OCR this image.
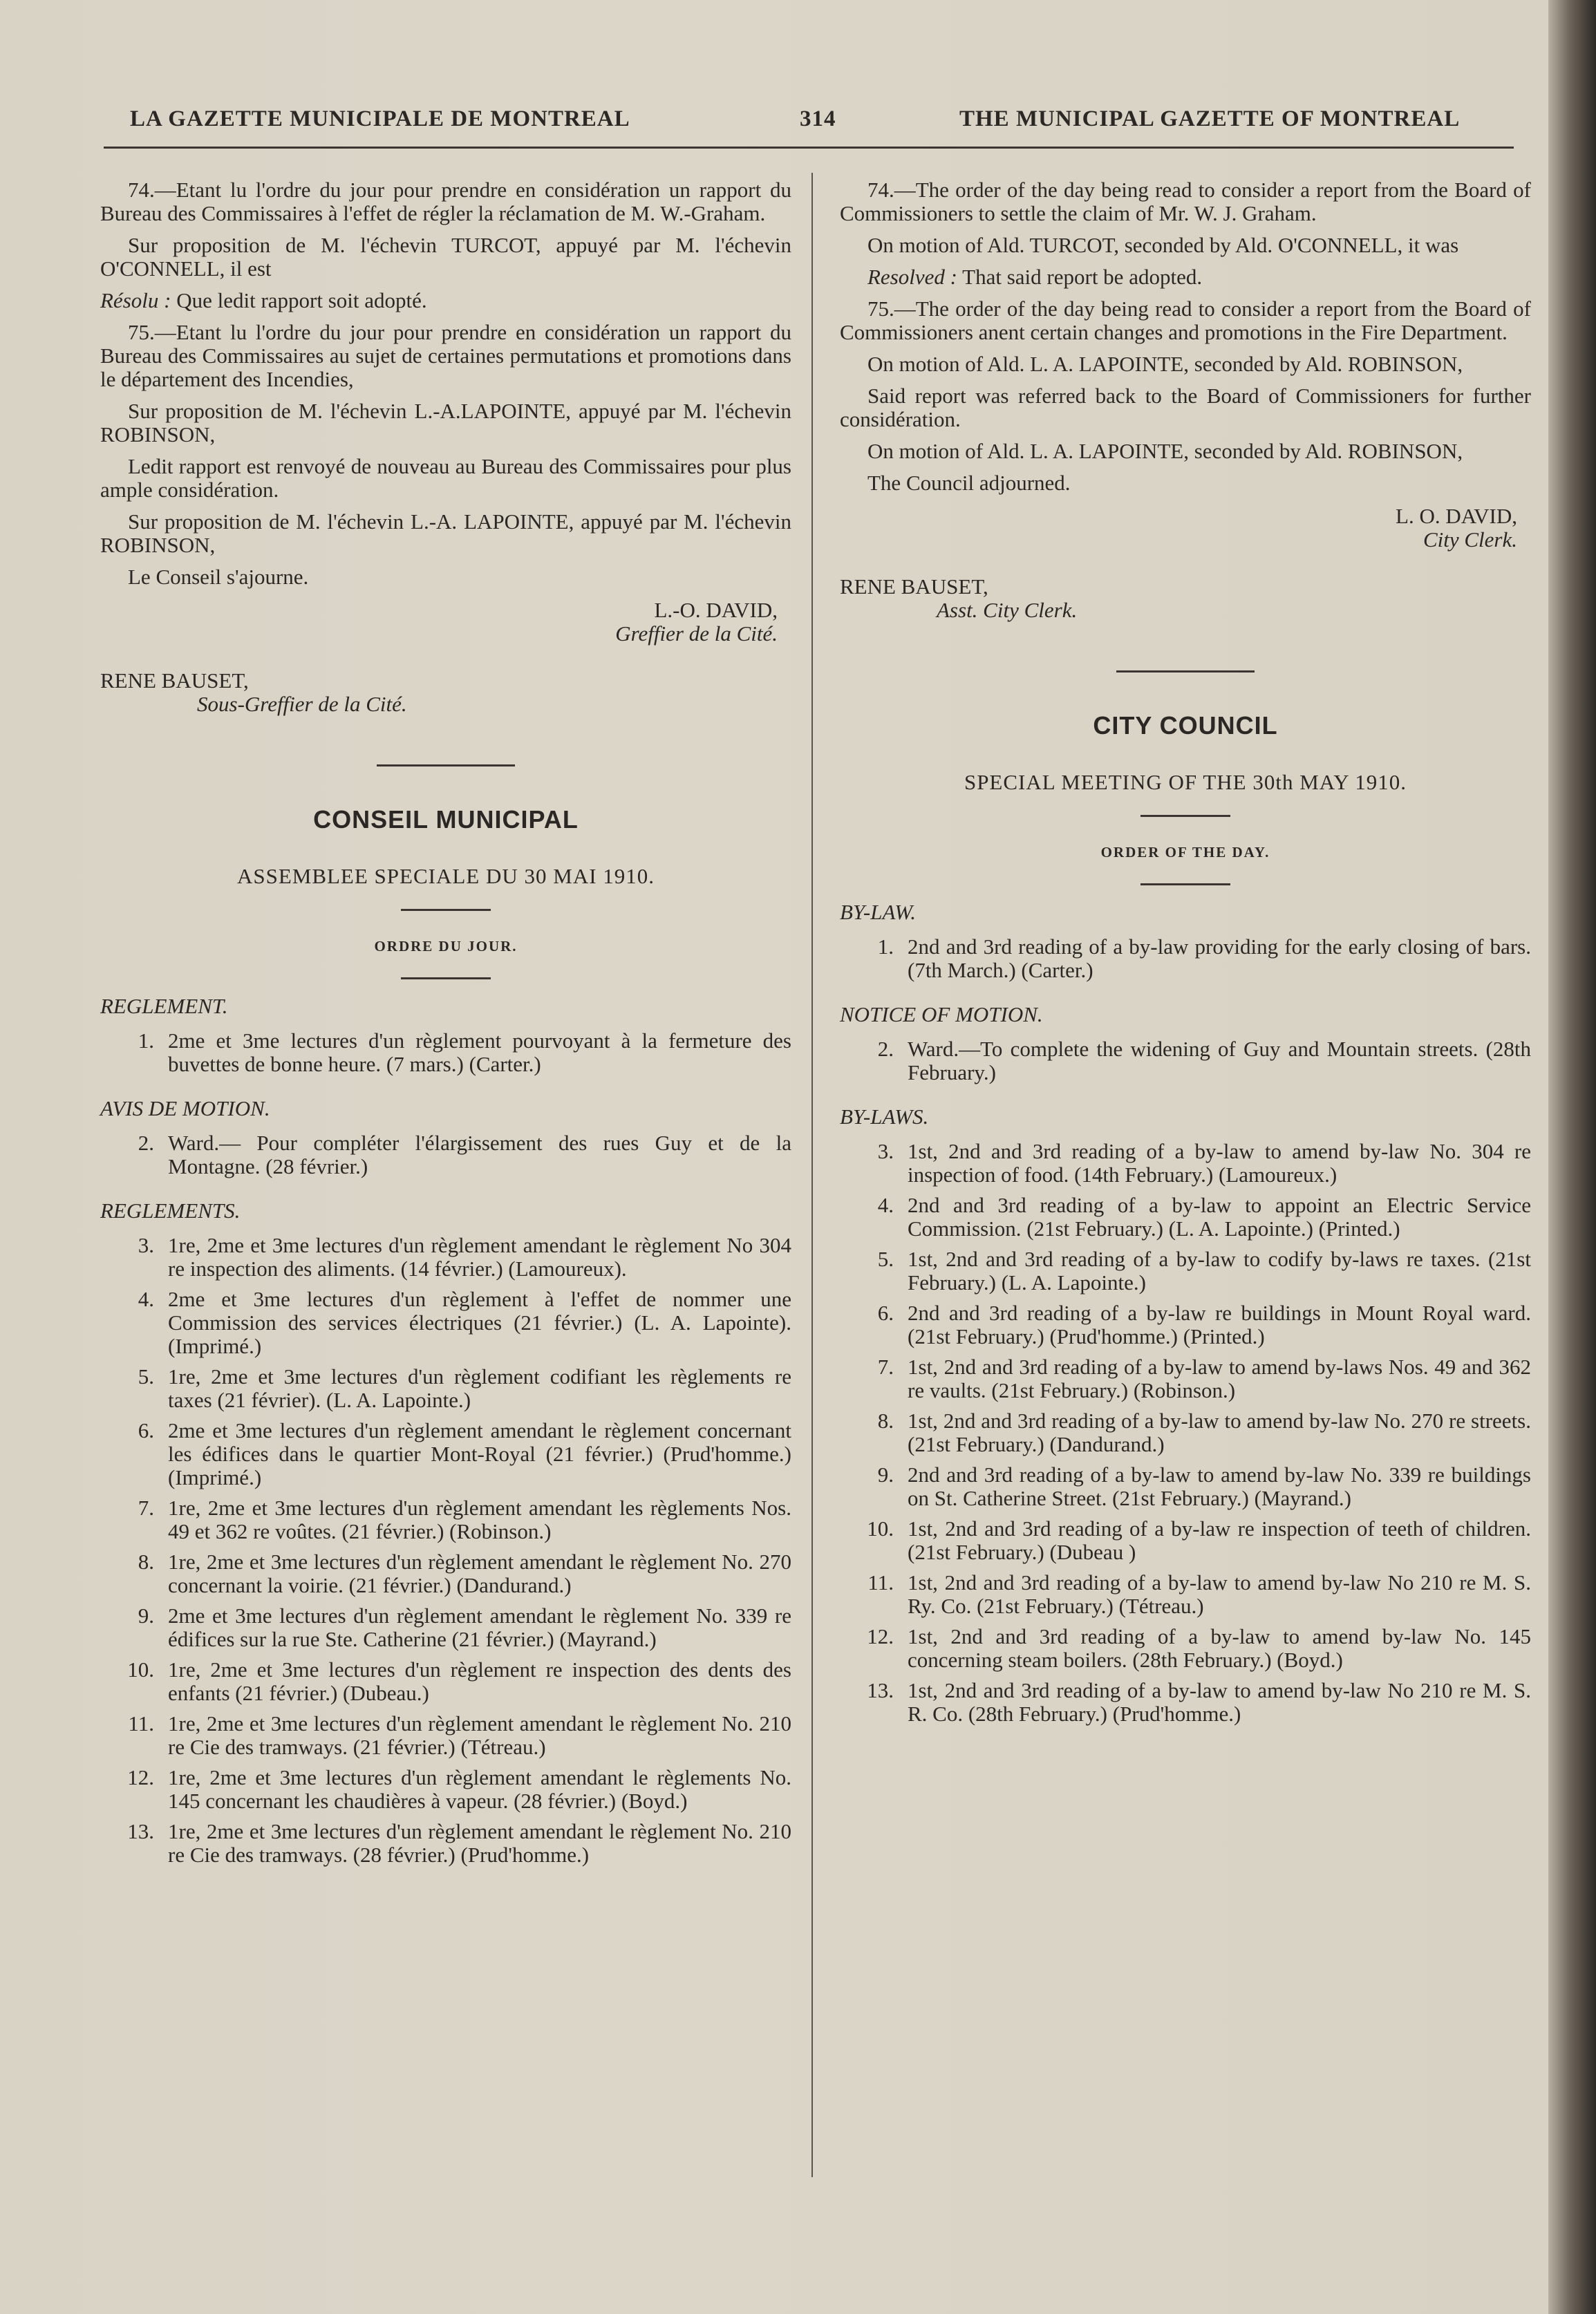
LA GAZETTE MUNICIPALE DE MONTREAL	314	THE MUNICIPAL GAZETTE OF MONTREAL

74.—Etant lu l'ordre du jour pour prendre en considération un rapport du Bureau des Commissaires à l'effet de régler la réclamation de M. W.-Graham.

Sur proposition de M. l'échevin TURCOT, appuyé par M. l'échevin O'CONNELL, il est

Résolu : Que ledit rapport soit adopté.

75.—Etant lu l'ordre du jour pour prendre en considération un rapport du Bureau des Commissaires au sujet de certaines permutations et promotions dans le département des Incendies,

Sur proposition de M. l'échevin L.-A.LAPOINTE, appuyé par M. l'échevin ROBINSON,

Ledit rapport est renvoyé de nouveau au Bureau des Commissaires pour plus ample considération.

Sur proposition de M. l'échevin L.-A. LAPOINTE, appuyé par M. l'échevin ROBINSON,

Le Conseil s'ajourne.

L.-O. DAVID,

Greffier de la Cité.

RENE BAUSET,

Sous-Greffier de la Cité.

CONSEIL MUNICIPAL

ASSEMBLEE SPECIALE DU 30 MAI 1910.

ORDRE DU JOUR.

REGLEMENT.

1. 2me et 3me lectures d'un règlement pourvoyant à la fermeture des buvettes de bonne heure. (7 mars.) (Carter.)

AVIS DE MOTION.

2. Ward.— Pour compléter l'élargissement des rues Guy et de la Montagne. (28 février.)

REGLEMENTS.

3. 1re, 2me et 3me lectures d'un règlement amendant le règlement No 304 re inspection des aliments. (14 février.) (Lamoureux).
4. 2me et 3me lectures d'un règlement à l'effet de nommer une Commission des services électriques (21 février.) (L. A. Lapointe). (Imprimé.)
5. 1re, 2me et 3me lectures d'un règlement codifiant les règlements re taxes (21 février). (L. A. Lapointe.)
6. 2me et 3me lectures d'un règlement amendant le règlement concernant les édifices dans le quartier Mont-Royal (21 février.) (Prud'homme.) (Imprimé.)
7. 1re, 2me et 3me lectures d'un règlement amendant les règlements Nos. 49 et 362 re voûtes. (21 février.) (Robinson.)
8. 1re, 2me et 3me lectures d'un règlement amendant le règlement No. 270 concernant la voirie. (21 février.) (Dandurand.)
9. 2me et 3me lectures d'un règlement amendant le règlement No. 339 re édifices sur la rue Ste. Catherine (21 février.) (Mayrand.)
10. 1re, 2me et 3me lectures d'un règlement re inspection des dents des enfants (21 février.) (Dubeau.)
11. 1re, 2me et 3me lectures d'un règlement amendant le règlement No. 210 re Cie des tramways. (21 février.) (Tétreau.)
12. 1re, 2me et 3me lectures d'un règlement amendant le règlements No. 145 concernant les chaudières à vapeur. (28 février.) (Boyd.)
13. 1re, 2me et 3me lectures d'un règlement amendant le règlement No. 210 re Cie des tramways. (28 février.) (Prud'homme.)

74.—The order of the day being read to consider a report from the Board of Commissioners to settle the claim of Mr. W. J. Graham.

On motion of Ald. TURCOT, seconded by Ald. O'CONNELL, it was

Resolved : That said report be adopted.

75.—The order of the day being read to consider a report from the Board of Commissioners anent certain changes and promotions in the Fire Department.

On motion of Ald. L. A. LAPOINTE, seconded by Ald. ROBINSON,

Said report was referred back to the Board of Commissioners for further considération.

On motion of Ald. L. A. LAPOINTE, seconded by Ald. ROBINSON,

The Council adjourned.

L. O. DAVID,

City Clerk.

RENE BAUSET,

Asst. City Clerk.

CITY COUNCIL

SPECIAL MEETING OF THE 30th MAY 1910.

ORDER OF THE DAY.

BY-LAW.

1. 2nd and 3rd reading of a by-law providing for the early closing of bars. (7th March.) (Carter.)

NOTICE OF MOTION.

2. Ward.—To complete the widening of Guy and Mountain streets. (28th February.)

BY-LAWS.

3. 1st, 2nd and 3rd reading of a by-law to amend by-law No. 304 re inspection of food. (14th February.) (Lamoureux.)
4. 2nd and 3rd reading of a by-law to appoint an Electric Service Commission. (21st February.) (L. A. Lapointe.) (Printed.)
5. 1st, 2nd and 3rd reading of a by-law to codify by-laws re taxes. (21st February.) (L. A. Lapointe.)
6. 2nd and 3rd reading of a by-law re buildings in Mount Royal ward. (21st February.) (Prud'homme.) (Printed.)
7. 1st, 2nd and 3rd reading of a by-law to amend by-laws Nos. 49 and 362 re vaults. (21st February.) (Robinson.)
8. 1st, 2nd and 3rd reading of a by-law to amend by-law No. 270 re streets. (21st February.) (Dandurand.)
9. 2nd and 3rd reading of a by-law to amend by-law No. 339 re buildings on St. Catherine Street. (21st February.) (Mayrand.)
10. 1st, 2nd and 3rd reading of a by-law re inspection of teeth of children. (21st February.) (Dubeau )
11. 1st, 2nd and 3rd reading of a by-law to amend by-law No 210 re M. S. Ry. Co. (21st February.) (Tétreau.)
12. 1st, 2nd and 3rd reading of a by-law to amend by-law No. 145 concerning steam boilers. (28th February.) (Boyd.)
13. 1st, 2nd and 3rd reading of a by-law to amend by-law No 210 re M. S. R. Co. (28th February.) (Prud'homme.)
